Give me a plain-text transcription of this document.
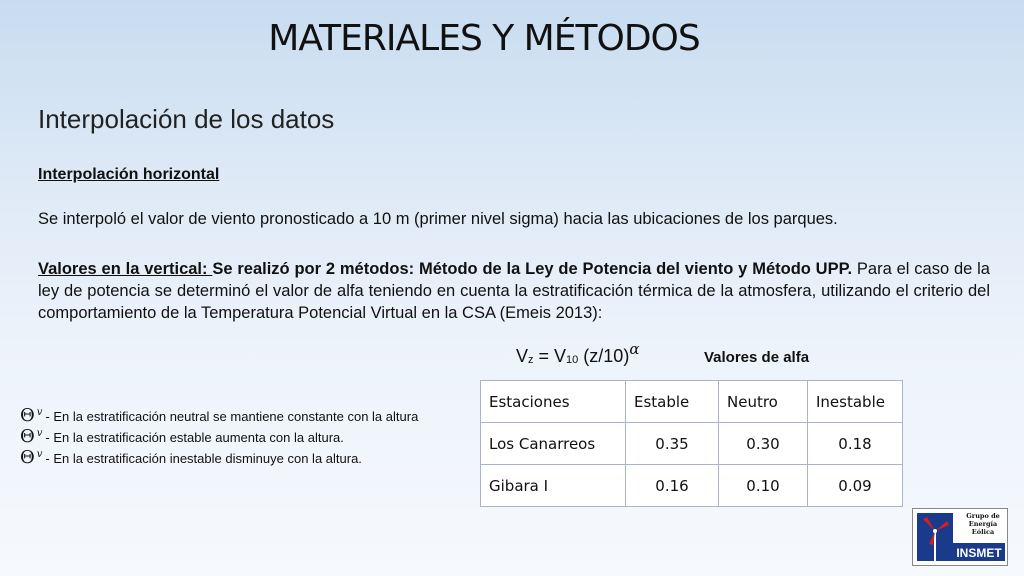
MATERIALES Y MÉTODOS
Interpolación de los datos
Interpolación horizontal
Se interpoló el valor de viento pronosticado a 10 m (primer nivel sigma) hacia las ubicaciones de los parques.
Valores en la vertical: Se realizó por 2 métodos: Método de la Ley de Potencia del viento y Método UPP. Para el caso de la ley de potencia se determinó el valor de alfa teniendo en cuenta la estratificación térmica de la atmosfera, utilizando el criterio del comportamiento de la Temperatura Potencial Virtual en la CSA (Emeis 2013):
$V_z = V_{10}$ $(z/10)^\alpha$	Valores de alfa
Θ $^v$ - En la estratificación neutral se mantiene constante con la altura
Θ $^v$ - En la estratificación estable aumenta con la altura.
Θ $^v$ - En la estratificación inestable disminuye con la altura.
Estaciones	Estable	Neutro	Inestable
Los Canarreos	0.35	0.30	0.18
Gibara I	0.16	0.10	0.09
INSMET
Grupo de Energía
Eólica
